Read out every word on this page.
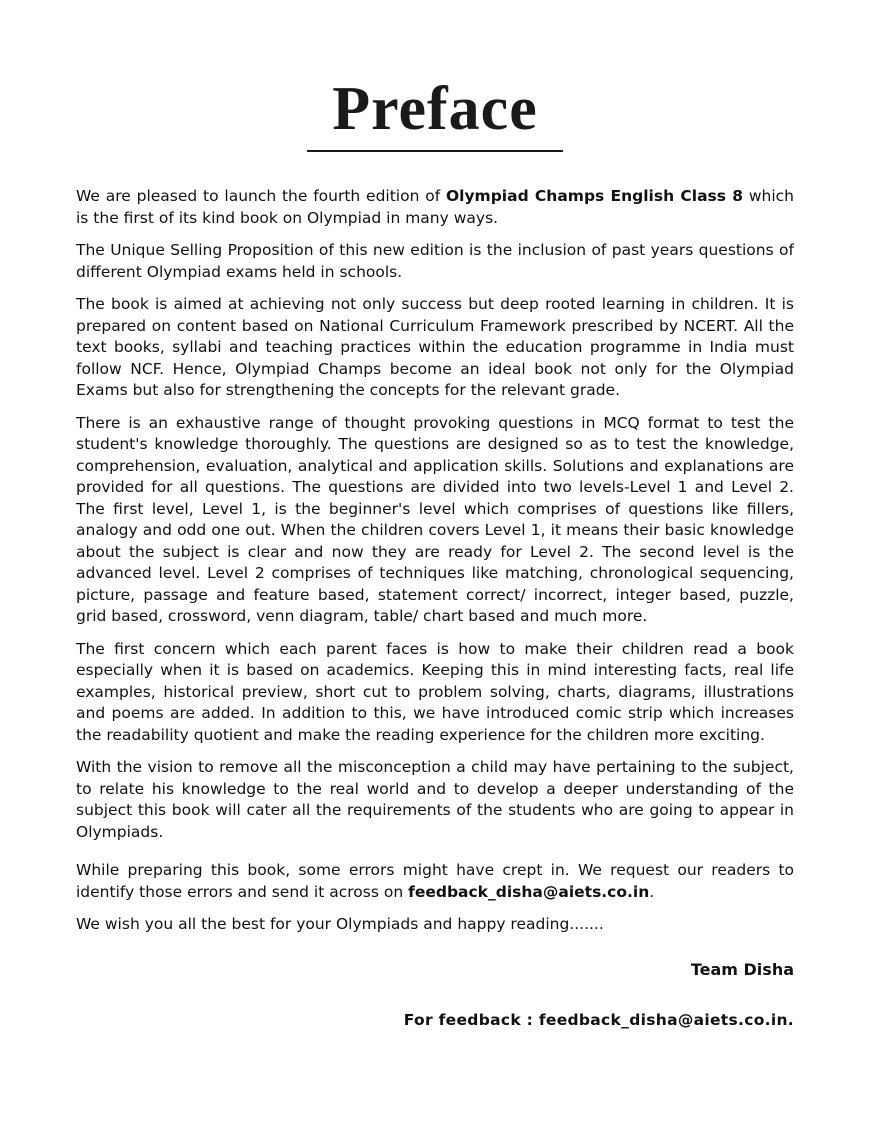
Preface

We are pleased to launch the fourth edition of Olympiad Champs English Class 8 which is the first of its kind book on Olympiad in many ways.

The Unique Selling Proposition of this new edition is the inclusion of past years questions of different Olympiad exams held in schools.

The book is aimed at achieving not only success but deep rooted learning in children. It is prepared on content based on National Curriculum Framework prescribed by NCERT. All the text books, syllabi and teaching practices within the education programme in India must follow NCF. Hence, Olympiad Champs become an ideal book not only for the Olympiad Exams but also for strengthening the concepts for the relevant grade.

There is an exhaustive range of thought provoking questions in MCQ format to test the student's knowledge thoroughly. The questions are designed so as to test the knowledge, comprehension, evaluation, analytical and application skills. Solutions and explanations are provided for all questions. The questions are divided into two levels-Level 1 and Level 2. The first level, Level 1, is the beginner's level which comprises of questions like fillers, analogy and odd one out. When the children covers Level 1, it means their basic knowledge about the subject is clear and now they are ready for Level 2. The second level is the advanced level. Level 2 comprises of techniques like matching, chronological sequencing, picture, passage and feature based, statement correct/ incorrect, integer based, puzzle, grid based, crossword, venn diagram, table/ chart based and much more.

The first concern which each parent faces is how to make their children read a book especially when it is based on academics. Keeping this in mind interesting facts, real life examples, historical preview, short cut to problem solving, charts, diagrams, illustrations and poems are added. In addition to this, we have introduced comic strip which increases the readability quotient and make the reading experience for the children more exciting.

With the vision to remove all the misconception a child may have pertaining to the subject, to relate his knowledge to the real world and to develop a deeper understanding of the subject this book will cater all the requirements of the students who are going to appear in Olympiads.

While preparing this book, some errors might have crept in. We request our readers to identify those errors and send it across on feedback_disha@aiets.co.in.

We wish you all the best for your Olympiads and happy reading.......

Team Disha
For feedback : feedback_disha@aiets.co.in.
